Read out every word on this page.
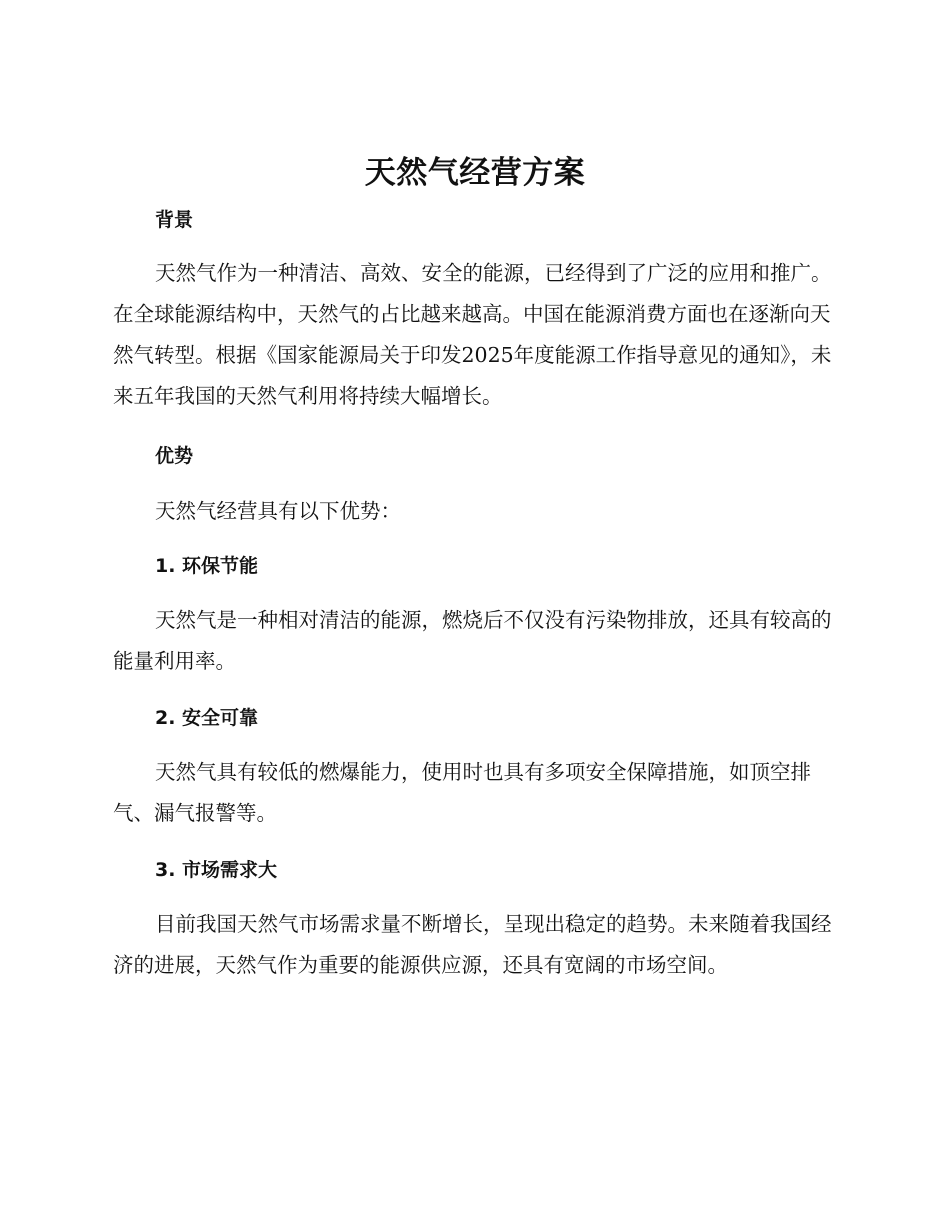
天然气经营方案
背景
天然气作为一种清洁、高效、安全的能源，已经得到了广泛的应用和推广。在全球能源结构中，天然气的占比越来越高。中国在能源消费方面也在逐渐向天然气转型。根据《国家能源局关于印发2025年度能源工作指导意见的通知》，未来五年我国的天然气利用将持续大幅增长。
优势
天然气经营具有以下优势：
1. 环保节能
天然气是一种相对清洁的能源，燃烧后不仅没有污染物排放，还具有较高的能量利用率。
2. 安全可靠
天然气具有较低的燃爆能力，使用时也具有多项安全保障措施，如顶空排气、漏气报警等。
3. 市场需求大
目前我国天然气市场需求量不断增长，呈现出稳定的趋势。未来随着我国经济的进展，天然气作为重要的能源供应源，还具有宽阔的市场空间。
